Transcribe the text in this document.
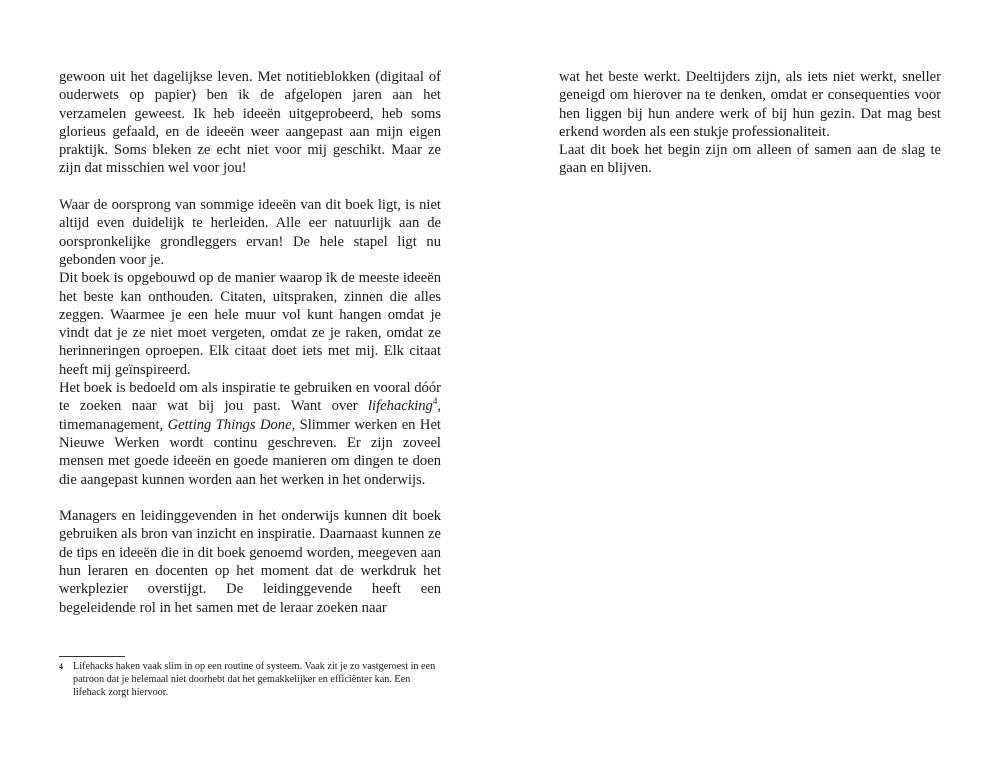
gewoon uit het dagelijkse leven. Met notitieblokken (digitaal of ouderwets op papier) ben ik de afgelopen jaren aan het verzamelen geweest. Ik heb ideeën uitgeprobeerd, heb soms glorieus gefaald, en de ideeën weer aangepast aan mijn eigen praktijk. Soms bleken ze echt niet voor mij geschikt. Maar ze zijn dat misschien wel voor jou!

Waar de oorsprong van sommige ideeën van dit boek ligt, is niet altijd even duidelijk te herleiden. Alle eer natuurlijk aan de oorspronkelijke grondleggers ervan! De hele stapel ligt nu gebonden voor je.

Dit boek is opgebouwd op de manier waarop ik de meeste ideeën het beste kan onthouden. Citaten, uitspraken, zinnen die alles zeggen. Waarmee je een hele muur vol kunt hangen omdat je vindt dat je ze niet moet vergeten, omdat ze je raken, omdat ze herinneringen oproepen. Elk citaat doet iets met mij. Elk citaat heeft mij geïnspireerd.

Het boek is bedoeld om als inspiratie te gebruiken en vooral dóór te zoeken naar wat bij jou past. Want over lifehacking$^4$, timemanagement, Getting Things Done, Slimmer werken en Het Nieuwe Werken wordt continu geschreven. Er zijn zoveel mensen met goede ideeën en goede manieren om dingen te doen die aangepast kunnen worden aan het werken in het onderwijs.

Managers en leidinggevenden in het onderwijs kunnen dit boek gebruiken als bron van inzicht en inspiratie. Daarnaast kunnen ze de tips en ideeën die in dit boek genoemd worden, meegeven aan hun leraren en docenten op het moment dat de werkdruk het werkplezier overstijgt. De leidinggevende heeft een begeleidende rol in het samen met de leraar zoeken naar

wat het beste werkt. Deeltijders zijn, als iets niet werkt, sneller geneigd om hierover na te denken, omdat er consequenties voor hen liggen bij hun andere werk of bij hun gezin. Dat mag best erkend worden als een stukje professionaliteit.

Laat dit boek het begin zijn om alleen of samen aan de slag te gaan en blijven.

4 Lifehacks haken vaak slim in op een routine of systeem. Vaak zit je zo vastgeroest in een patroon dat je helemaal niet doorhebt dat het gemakkelijker en efficiënter kan. Een lifehack zorgt hiervoor.
